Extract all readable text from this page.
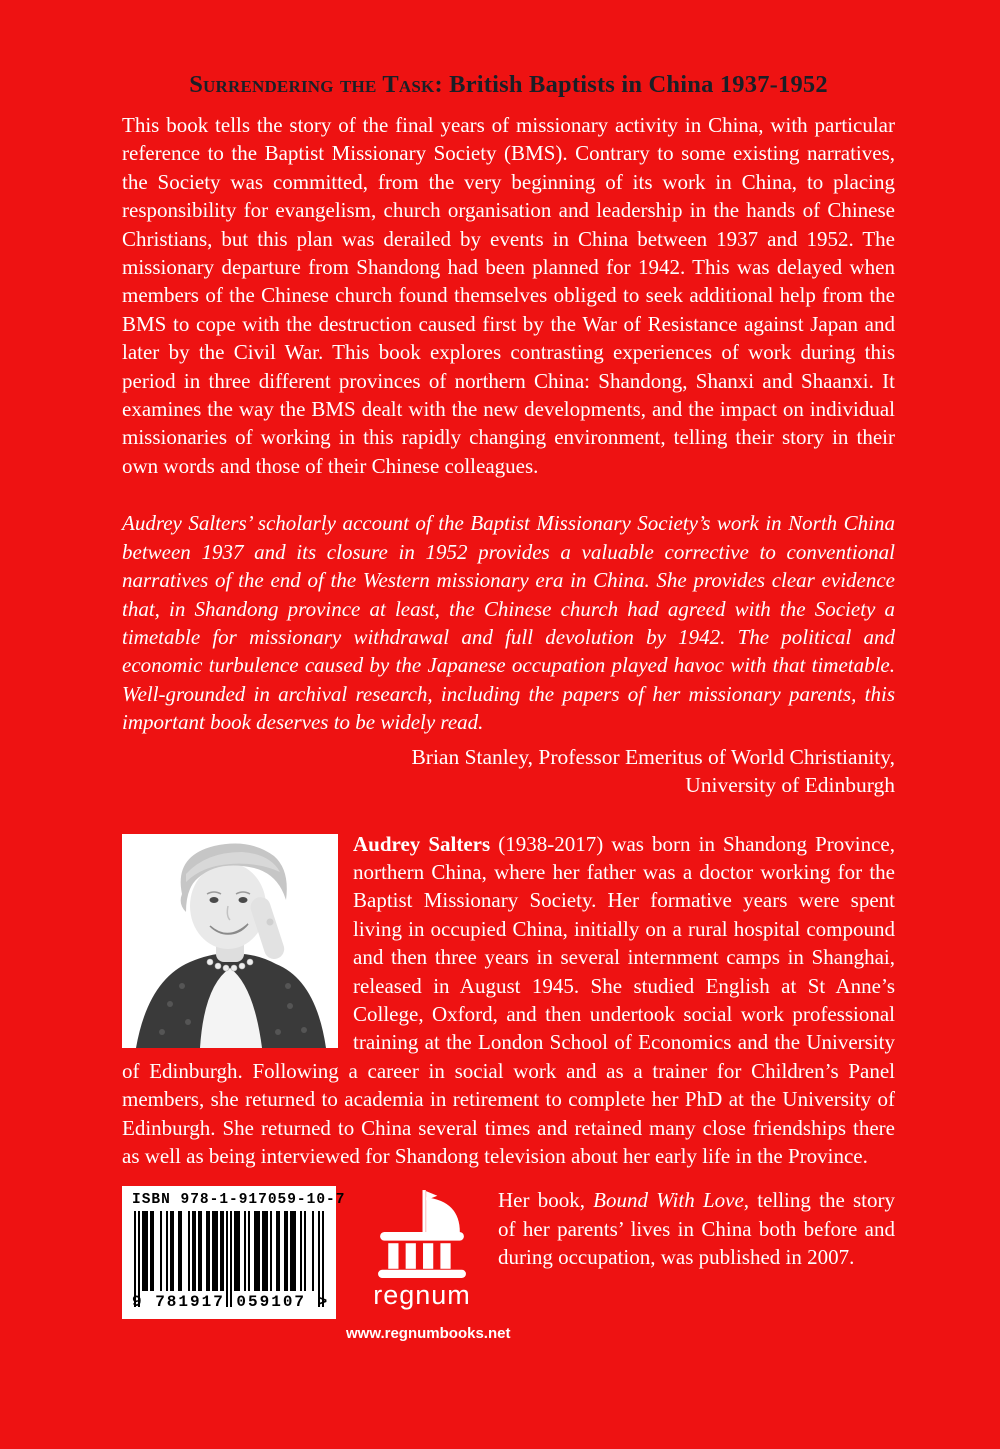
Surrendering the Task: British Baptists in China 1937-1952

This book tells the story of the final years of missionary activity in China, with particular reference to the Baptist Missionary Society (BMS). Contrary to some existing narratives, the Society was committed, from the very beginning of its work in China, to placing responsibility for evangelism, church organisation and leadership in the hands of Chinese Christians, but this plan was derailed by events in China between 1937 and 1952. The missionary departure from Shandong had been planned for 1942. This was delayed when members of the Chinese church found themselves obliged to seek additional help from the BMS to cope with the destruction caused first by the War of Resistance against Japan and later by the Civil War. This book explores contrasting experiences of work during this period in three different provinces of northern China: Shandong, Shanxi and Shaanxi. It examines the way the BMS dealt with the new developments, and the impact on individual missionaries of working in this rapidly changing environment, telling their story in their own words and those of their Chinese colleagues.

Audrey Salters’ scholarly account of the Baptist Missionary Society’s work in North China between 1937 and its closure in 1952 provides a valuable corrective to conventional narratives of the end of the Western missionary era in China. She provides clear evidence that, in Shandong province at least, the Chinese church had agreed with the Society a timetable for missionary withdrawal and full devolution by 1942. The political and economic turbulence caused by the Japanese occupation played havoc with that timetable. Well-grounded in archival research, including the papers of her missionary parents, this important book deserves to be widely read.

Brian Stanley, Professor Emeritus of World Christianity,
University of Edinburgh

Audrey Salters (1938-2017) was born in Shandong Province, northern China, where her father was a doctor working for the Baptist Missionary Society. Her formative years were spent living in occupied China, initially on a rural hospital compound and then three years in several internment camps in Shanghai, released in August 1945. She studied English at St Anne’s College, Oxford, and then undertook social work professional training at the London School of Economics and the University of Edinburgh. Following a career in social work and as a trainer for Children’s Panel members, she returned to academia in retirement to complete her PhD at the University of Edinburgh. She returned to China several times and retained many close friendships there as well as being interviewed for Shandong television about her early life in the Province.

ISBN 978-1-917059-10-7
9 781917 059107 >	regnum
www.regnumbooks.net

Her book, Bound With Love, telling the story of her parents’ lives in China both before and during occupation, was published in 2007.
